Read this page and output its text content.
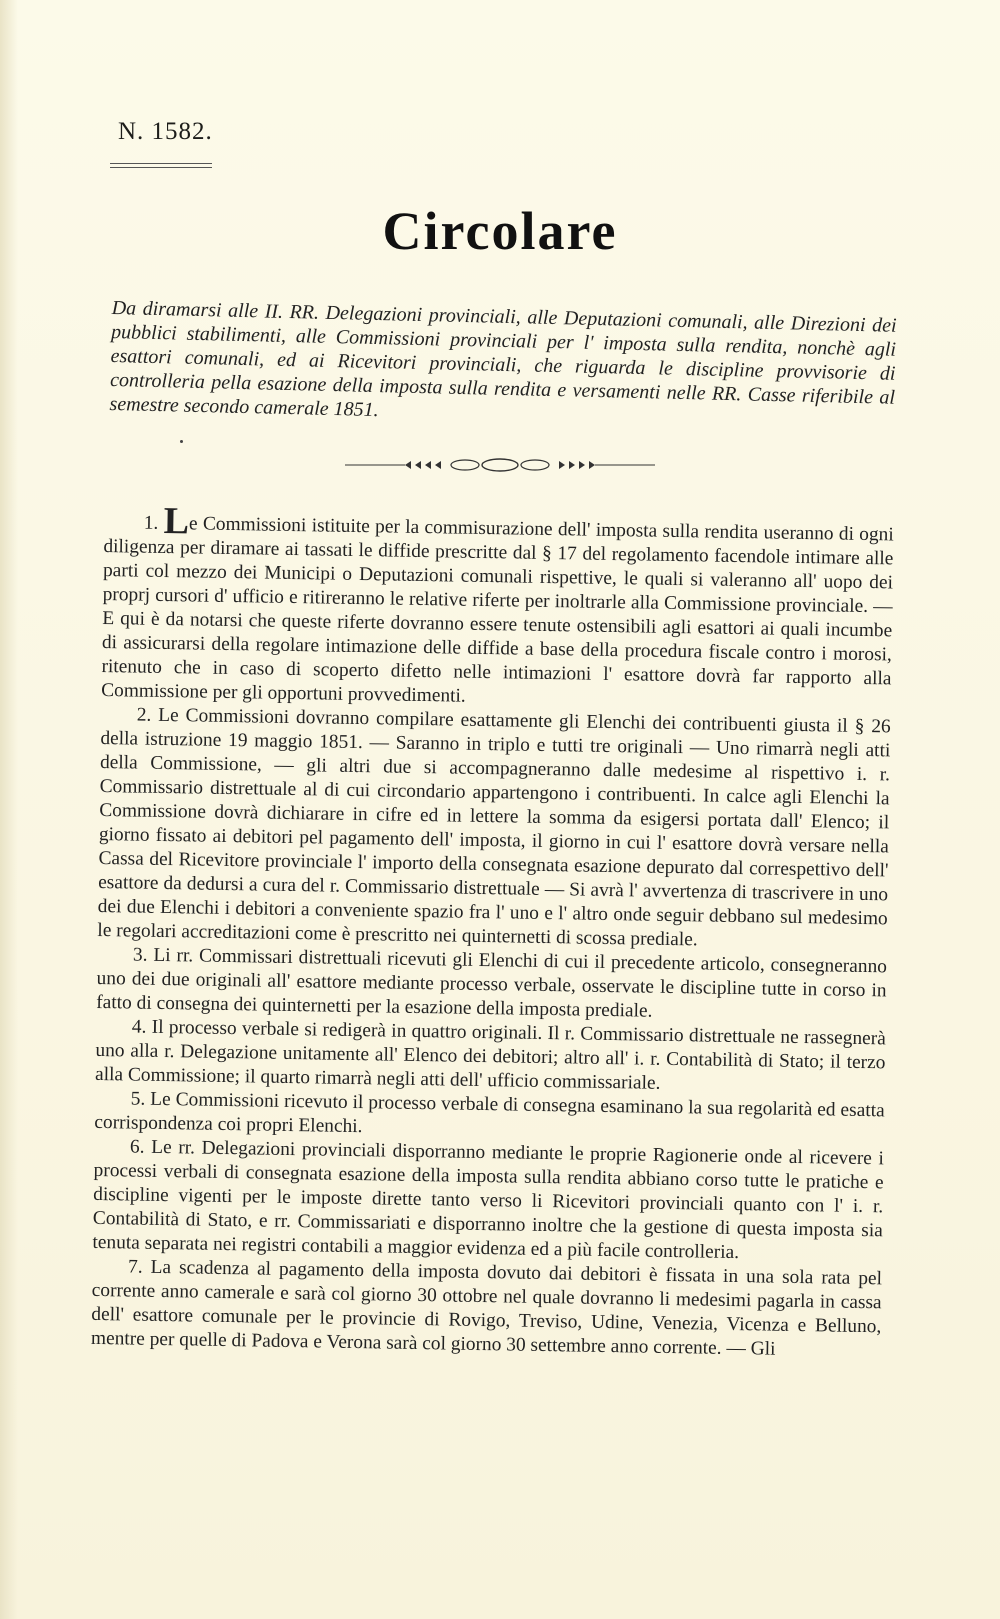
N. 1582.
Circolare
Da diramarsi alle II. RR. Delegazioni provinciali, alle Deputazioni comunali, alle Direzioni dei pubblici stabilimenti, alle Commissioni provinciali per l' imposta sulla rendita, nonchè agli esattori comunali, ed ai Ricevitori provinciali, che riguarda le discipline provvisorie di controlleria pella esazione della imposta sulla rendita e versamenti nelle RR. Casse riferibile al semestre secondo camerale 1851.

1. Le Commissioni istituite per la commisurazione dell' imposta sulla rendita useranno di ogni diligenza per diramare ai tassati le diffide prescritte dal § 17 del regolamento facendole intimare alle parti col mezzo dei Municipi o Deputazioni comunali rispettive, le quali si valeranno all' uopo dei proprj cursori d' ufficio e ritireranno le relative riferte per inoltrarle alla Commissione provinciale. — E qui è da notarsi che queste riferte dovranno essere tenute ostensibili agli esattori ai quali incumbe di assicurarsi della regolare intimazione delle diffide a base della procedura fiscale contro i morosi, ritenuto che in caso di scoperto difetto nelle intimazioni l' esattore dovrà far rapporto alla Commissione per gli opportuni provvedimenti.

2. Le Commissioni dovranno compilare esattamente gli Elenchi dei contribuenti giusta il § 26 della istruzione 19 maggio 1851. — Saranno in triplo e tutti tre originali — Uno rimarrà negli atti della Commissione, — gli altri due si accompagneranno dalle medesime al rispettivo i. r. Commissario distrettuale al di cui circondario appartengono i contribuenti. In calce agli Elenchi la Commissione dovrà dichiarare in cifre ed in lettere la somma da esigersi portata dall' Elenco; il giorno fissato ai debitori pel pagamento dell' imposta, il giorno in cui l' esattore dovrà versare nella Cassa del Ricevitore provinciale l' importo della consegnata esazione depurato dal correspettivo dell' esattore da dedursi a cura del r. Commissario distrettuale — Si avrà l' avvertenza di trascrivere in uno dei due Elenchi i debitori a conveniente spazio fra l' uno e l' altro onde seguir debbano sul medesimo le regolari accreditazioni come è prescritto nei quinternetti di scossa prediale.

3. Li rr. Commissari distrettuali ricevuti gli Elenchi di cui il precedente articolo, consegneranno uno dei due originali all' esattore mediante processo verbale, osservate le discipline tutte in corso in fatto di consegna dei quinternetti per la esazione della imposta prediale.

4. Il processo verbale si redigerà in quattro originali. Il r. Commissario distrettuale ne rassegnerà uno alla r. Delegazione unitamente all' Elenco dei debitori; altro all' i. r. Contabilità di Stato; il terzo alla Commissione; il quarto rimarrà negli atti dell' ufficio commissariale.

5. Le Commissioni ricevuto il processo verbale di consegna esaminano la sua regolarità ed esatta corrispondenza coi propri Elenchi.

6. Le rr. Delegazioni provinciali disporranno mediante le proprie Ragionerie onde al ricevere i processi verbali di consegnata esazione della imposta sulla rendita abbiano corso tutte le pratiche e discipline vigenti per le imposte dirette tanto verso li Ricevitori provinciali quanto con l' i. r. Contabilità di Stato, e rr. Commissariati e disporranno inoltre che la gestione di questa imposta sia tenuta separata nei registri contabili a maggior evidenza ed a più facile controlleria.

7. La scadenza al pagamento della imposta dovuto dai debitori è fissata in una sola rata pel corrente anno camerale e sarà col giorno 30 ottobre nel quale dovranno li medesimi pagarla in cassa dell' esattore comunale per le provincie di Rovigo, Treviso, Udine, Venezia, Vicenza e Belluno, mentre per quelle di Padova e Verona sarà col giorno 30 settembre anno corrente. — Gli
